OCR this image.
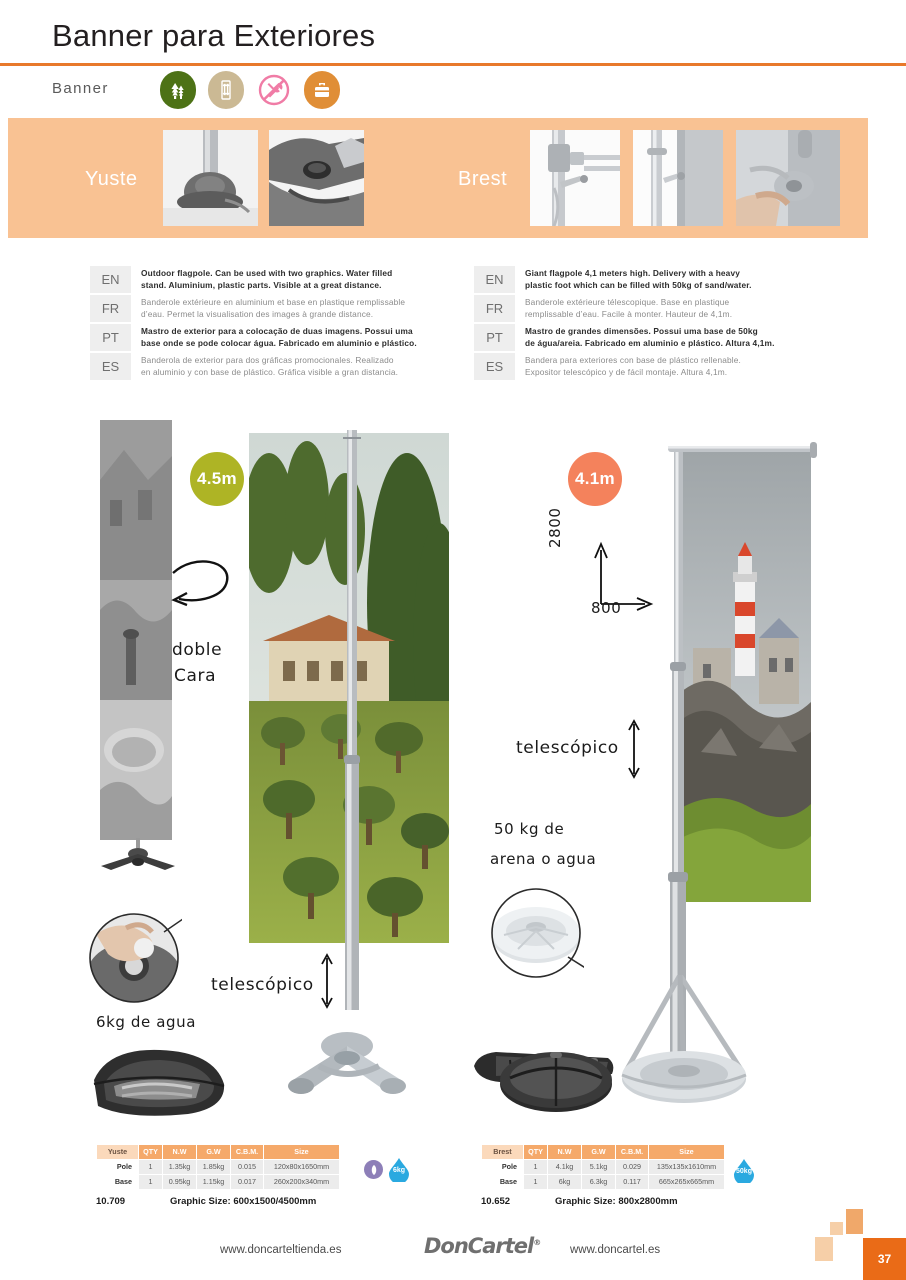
Banner para Exteriores
Banner
Yuste	Brest
EN	Outdoor flagpole. Can be used with two graphics. Water filled
stand. Aluminium, plastic parts. Visible at a great distance.
FR	Banderole extérieure en aluminium et base en plastique remplissable
d’eau. Permet la visualisation des images à grande distance.
PT	Mastro de exterior para a colocação de duas imagens. Possui uma
base onde se pode colocar água. Fabricado em aluminio e plástico.
ES	Banderola de exterior para dos gráficas promocionales. Realizado
en aluminio y con base de plástico. Gráfica visible a gran distancia.
EN	Giant flagpole 4,1 meters high. Delivery with a heavy
plastic foot which can be filled with 50kg of sand/water.
FR	Banderole extérieure télescopique. Base en plastique
remplissable d’eau. Facile à monter. Hauteur de 4,1m.
PT	Mastro de grandes dimensões. Possui uma base de 50kg
de água/areia. Fabricado em aluminio e plástico. Altura 4,1m.
ES	Bandera para exteriores con base de plástico rellenable.
Expositor telescópico y de fácil montaje. Altura 4,1m.
doble
Cara
4.5m
telescópico
6kg de agua
4.1m
2800
800
telescópico
50 kg de
arena o agua
Yuste	QTY	N.W	G.W	C.B.M.	Size
Pole	1	1.35kg	1.85kg	0.015	120x80x1650mm
Base	1	0.95kg	1.15kg	0.017	260x200x340mm
10.709	Graphic Size: 600x1500/4500mm
6kg
Brest	QTY	N.W	G.W	C.B.M.	Size
Pole	1	4.1kg	5.1kg	0.029	135x135x1610mm
Base	1	6kg	6.3kg	0.117	665x265x665mm
10.652	Graphic Size: 800x2800mm
50kg
www.doncarteltienda.es	DonCartel®
www.doncartel.es
37
